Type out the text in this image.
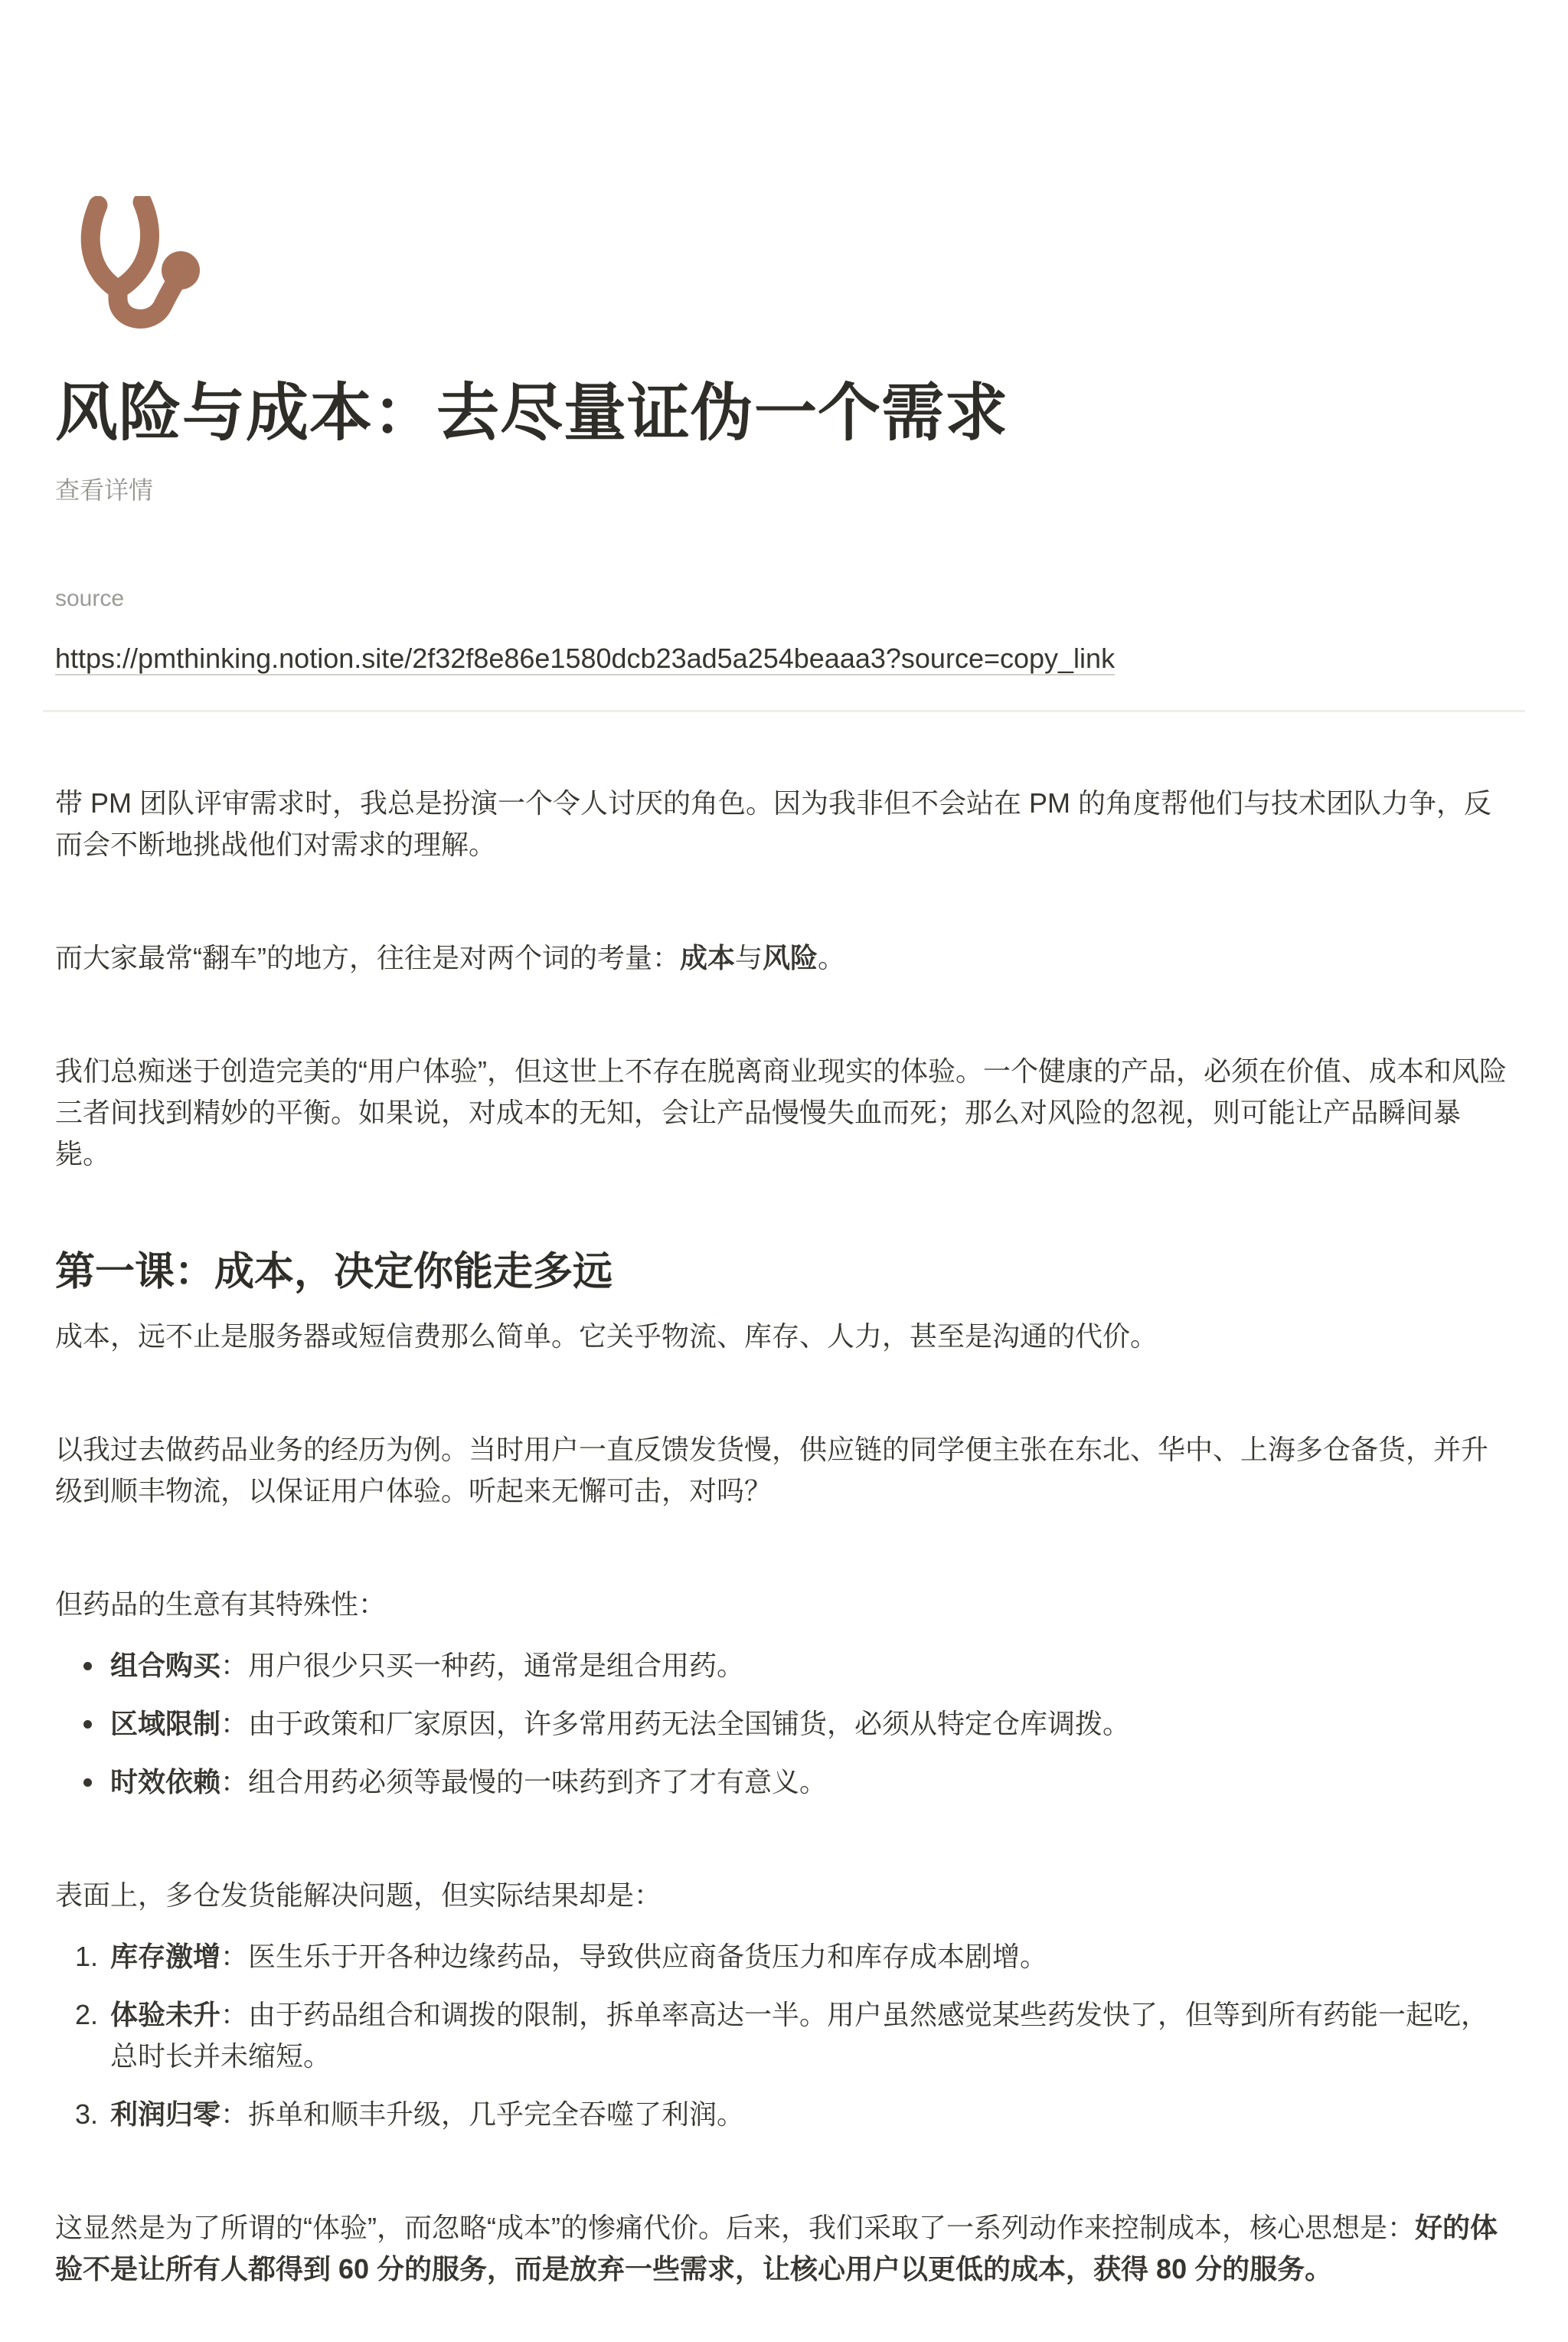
风险与成本：去尽量证伪一个需求
查看详情
source
https://pmthinking.notion.site/2f32f8e86e1580dcb23ad5a254beaaa3?source=copy_link

带 PM 团队评审需求时，我总是扮演一个令人讨厌的角色。因为我非但不会站在 PM 的角度帮他们与技术团队力争，反而会不断地挑战他们对需求的理解。

而大家最常“翻车”的地方，往往是对两个词的考量：成本与风险。

我们总痴迷于创造完美的“用户体验”，但这世上不存在脱离商业现实的体验。一个健康的产品，必须在价值、成本和风险三者间找到精妙的平衡。如果说，对成本的无知，会让产品慢慢失血而死；那么对风险的忽视，则可能让产品瞬间暴毙。

第一课：成本，决定你能走多远

成本，远不止是服务器或短信费那么简单。它关乎物流、库存、人力，甚至是沟通的代价。

以我过去做药品业务的经历为例。当时用户一直反馈发货慢，供应链的同学便主张在东北、华中、上海多仓备货，并升级到顺丰物流，以保证用户体验。听起来无懈可击，对吗？

但药品的生意有其特殊性：

• 组合购买：用户很少只买一种药，通常是组合用药。
• 区域限制：由于政策和厂家原因，许多常用药无法全国铺货，必须从特定仓库调拨。
• 时效依赖：组合用药必须等最慢的一味药到齐了才有意义。

表面上，多仓发货能解决问题，但实际结果却是：

1. 库存激增：医生乐于开各种边缘药品，导致供应商备货压力和库存成本剧增。
2. 体验未升：由于药品组合和调拨的限制，拆单率高达一半。用户虽然感觉某些药发快了，但等到所有药能一起吃，总时长并未缩短。
3. 利润归零：拆单和顺丰升级，几乎完全吞噬了利润。

这显然是为了所谓的“体验”，而忽略“成本”的惨痛代价。后来，我们采取了一系列动作来控制成本，核心思想是：好的体验不是让所有人都得到 60 分的服务，而是放弃一些需求，让核心用户以更低的成本，获得 80 分的服务。
